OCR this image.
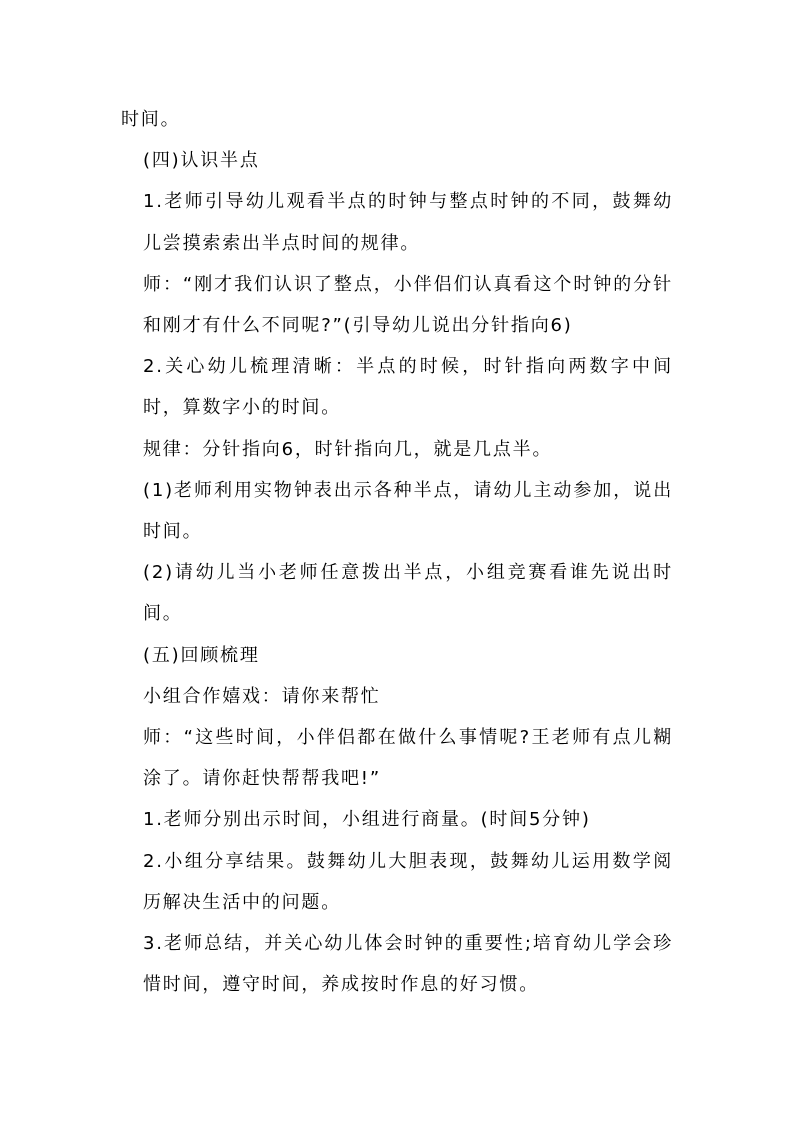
时间。

(四)认识半点

1.老师引导幼儿观看半点的时钟与整点时钟的不同，鼓舞幼儿尝摸索索出半点时间的规律。

师：“刚才我们认识了整点，小伴侣们认真看这个时钟的分针和刚才有什么不同呢?”(引导幼儿说出分针指向6)

2.关心幼儿梳理清晰：半点的时候，时针指向两数字中间时，算数字小的时间。

规律：分针指向6，时针指向几，就是几点半。

(1)老师利用实物钟表出示各种半点，请幼儿主动参加，说出时间。

(2)请幼儿当小老师任意拨出半点，小组竞赛看谁先说出时间。

(五)回顾梳理

小组合作嬉戏：请你来帮忙

师：“这些时间，小伴侣都在做什么事情呢?王老师有点儿糊涂了。请你赶快帮帮我吧!”

1.老师分别出示时间，小组进行商量。(时间5分钟)

2.小组分享结果。鼓舞幼儿大胆表现，鼓舞幼儿运用数学阅历解决生活中的问题。

3.老师总结，并关心幼儿体会时钟的重要性;培育幼儿学会珍惜时间，遵守时间，养成按时作息的好习惯。
